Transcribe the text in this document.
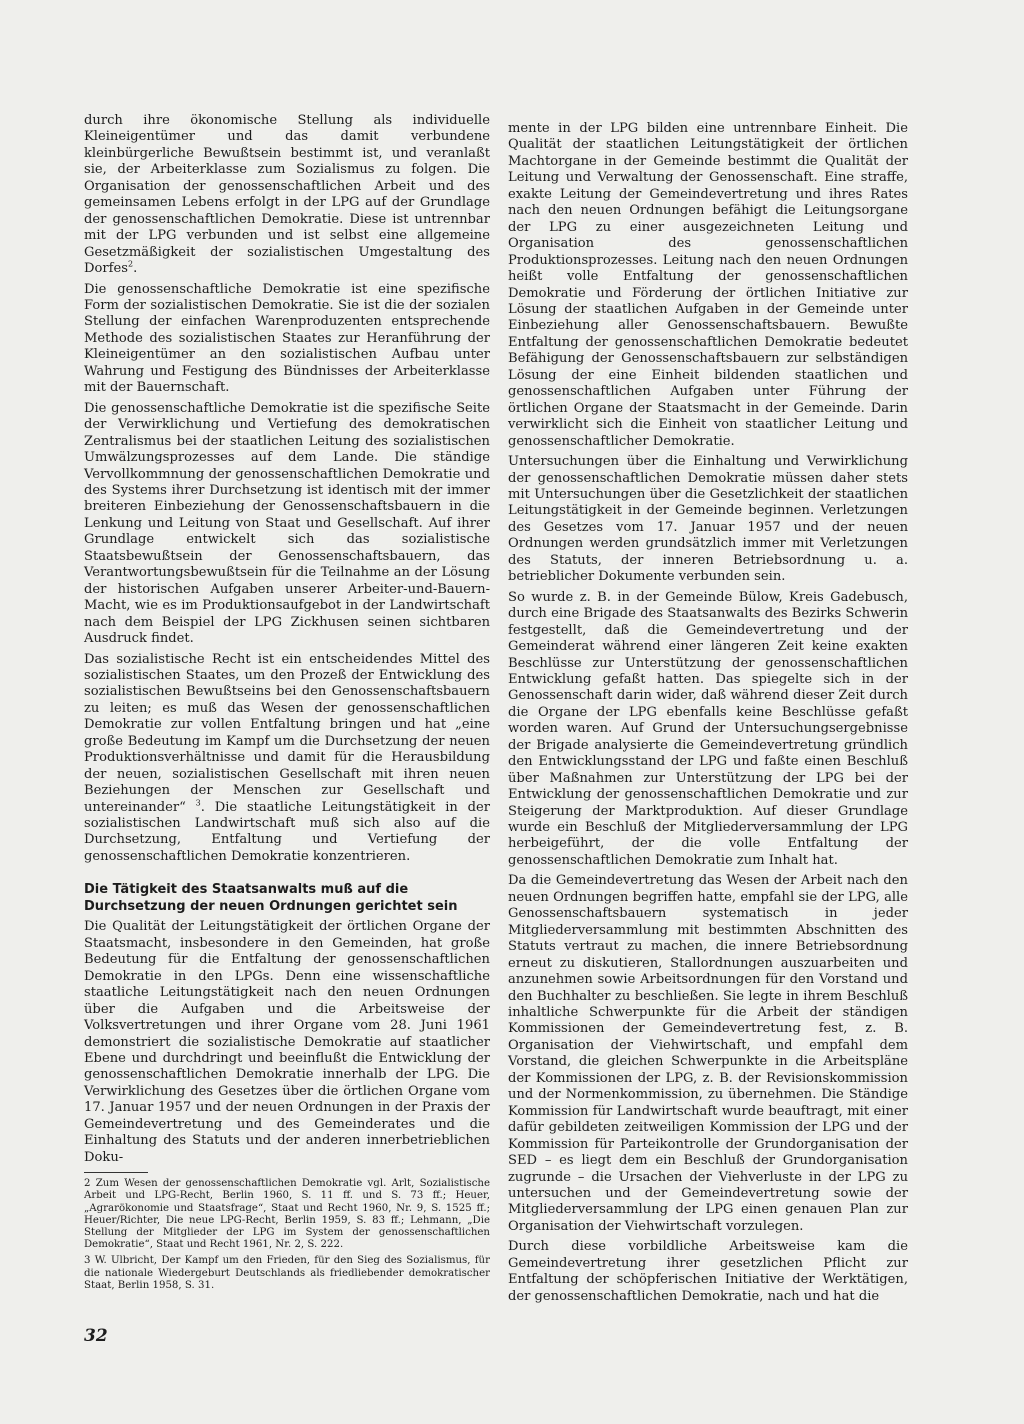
durch ihre ökonomische Stellung als individuelle Kleineigentümer und das damit verbundene kleinbürgerliche Bewußtsein bestimmt ist, und veranlaßt sie, der Arbeiterklasse zum Sozialismus zu folgen. Die Organisation der genossenschaftlichen Arbeit und des gemeinsamen Lebens erfolgt in der LPG auf der Grundlage der genossenschaftlichen Demokratie. Diese ist untrennbar mit der LPG verbunden und ist selbst eine allgemeine Gesetzmäßigkeit der sozialistischen Umgestaltung des Dorfes$^2$.

Die genossenschaftliche Demokratie ist eine spezifische Form der sozialistischen Demokratie. Sie ist die der sozialen Stellung der einfachen Warenproduzenten entsprechende Methode des sozialistischen Staates zur Heranführung der Kleineigentümer an den sozialistischen Aufbau unter Wahrung und Festigung des Bündnisses der Arbeiterklasse mit der Bauernschaft.

Die genossenschaftliche Demokratie ist die spezifische Seite der Verwirklichung und Vertiefung des demokratischen Zentralismus bei der staatlichen Leitung des sozialistischen Umwälzungsprozesses auf dem Lande. Die ständige Vervollkommnung der genossenschaftlichen Demokratie und des Systems ihrer Durchsetzung ist identisch mit der immer breiteren Einbeziehung der Genossenschaftsbauern in die Lenkung und Leitung von Staat und Gesellschaft. Auf ihrer Grundlage entwickelt sich das sozialistische Staatsbewußtsein der Genossenschaftsbauern, das Verantwortungsbewußtsein für die Teilnahme an der Lösung der historischen Aufgaben unserer Arbeiter-und-Bauern-Macht, wie es im Produktionsaufgebot in der Landwirtschaft nach dem Beispiel der LPG Zickhusen seinen sichtbaren Ausdruck findet.

Das sozialistische Recht ist ein entscheidendes Mittel des sozialistischen Staates, um den Prozeß der Entwicklung des sozialistischen Bewußtseins bei den Genossenschaftsbauern zu leiten; es muß das Wesen der genossenschaftlichen Demokratie zur vollen Entfaltung bringen und hat „eine große Bedeutung im Kampf um die Durchsetzung der neuen Produktionsverhältnisse und damit für die Herausbildung der neuen, sozialistischen Gesellschaft mit ihren neuen Beziehungen der Menschen zur Gesellschaft und untereinander“ $^3$. Die staatliche Leitungstätigkeit in der sozialistischen Landwirtschaft muß sich also auf die Durchsetzung, Entfaltung und Vertiefung der genossenschaftlichen Demokratie konzentrieren.

Die Tätigkeit des Staatsanwalts muß auf die Durchsetzung der neuen Ordnungen gerichtet sein

Die Qualität der Leitungstätigkeit der örtlichen Organe der Staatsmacht, insbesondere in den Gemeinden, hat große Bedeutung für die Entfaltung der genossenschaftlichen Demokratie in den LPGs. Denn eine wissenschaftliche staatliche Leitungstätigkeit nach den neuen Ordnungen über die Aufgaben und die Arbeitsweise der Volksvertretungen und ihrer Organe vom 28. Juni 1961 demonstriert die sozialistische Demokratie auf staatlicher Ebene und durchdringt und beeinflußt die Entwicklung der genossenschaftlichen Demokratie innerhalb der LPG. Die Verwirklichung des Gesetzes über die örtlichen Organe vom 17. Januar 1957 und der neuen Ordnungen in der Praxis der Gemeindevertretung und des Gemeinderates und die Einhaltung des Statuts und der anderen innerbetrieblichen Doku-

2 Zum Wesen der genossenschaftlichen Demokratie vgl. Arlt, Sozialistische Arbeit und LPG-Recht, Berlin 1960, S. 11 ff. und S. 73 ff.; Heuer, „Agrarökonomie und Staatsfrage“, Staat und Recht 1960, Nr. 9, S. 1525 ff.; Heuer/Richter, Die neue LPG-Recht, Berlin 1959, S. 83 ff.; Lehmann, „Die Stellung der Mitglieder der LPG im System der genossenschaftlichen Demokratie“, Staat und Recht 1961, Nr. 2, S. 222.

3 W. Ulbricht, Der Kampf um den Frieden, für den Sieg des Sozialismus, für die nationale Wiedergeburt Deutschlands als friedliebender demokratischer Staat, Berlin 1958, S. 31.

mente in der LPG bilden eine untrennbare Einheit. Die Qualität der staatlichen Leitungstätigkeit der örtlichen Machtorgane in der Gemeinde bestimmt die Qualität der Leitung und Verwaltung der Genossenschaft. Eine straffe, exakte Leitung der Gemeindevertretung und ihres Rates nach den neuen Ordnungen befähigt die Leitungsorgane der LPG zu einer ausgezeichneten Leitung und Organisation des genossenschaftlichen Produktionsprozesses. Leitung nach den neuen Ordnungen heißt volle Entfaltung der genossenschaftlichen Demokratie und Förderung der örtlichen Initiative zur Lösung der staatlichen Aufgaben in der Gemeinde unter Einbeziehung aller Genossenschaftsbauern. Bewußte Entfaltung der genossenschaftlichen Demokratie bedeutet Befähigung der Genossenschaftsbauern zur selbständigen Lösung der eine Einheit bildenden staatlichen und genossenschaftlichen Aufgaben unter Führung der örtlichen Organe der Staatsmacht in der Gemeinde. Darin verwirklicht sich die Einheit von staatlicher Leitung und genossenschaftlicher Demokratie.

Untersuchungen über die Einhaltung und Verwirklichung der genossenschaftlichen Demokratie müssen daher stets mit Untersuchungen über die Gesetzlichkeit der staatlichen Leitungstätigkeit in der Gemeinde beginnen. Verletzungen des Gesetzes vom 17. Januar 1957 und der neuen Ordnungen werden grundsätzlich immer mit Verletzungen des Statuts, der inneren Betriebsordnung u. a. betrieblicher Dokumente verbunden sein.

So wurde z. B. in der Gemeinde Bülow, Kreis Gadebusch, durch eine Brigade des Staatsanwalts des Bezirks Schwerin festgestellt, daß die Gemeindevertretung und der Gemeinderat während einer längeren Zeit keine exakten Beschlüsse zur Unterstützung der genossenschaftlichen Entwicklung gefaßt hatten. Das spiegelte sich in der Genossenschaft darin wider, daß während dieser Zeit durch die Organe der LPG ebenfalls keine Beschlüsse gefaßt worden waren. Auf Grund der Untersuchungsergebnisse der Brigade analysierte die Gemeindevertretung gründlich den Entwicklungsstand der LPG und faßte einen Beschluß über Maßnahmen zur Unterstützung der LPG bei der Entwicklung der genossenschaftlichen Demokratie und zur Steigerung der Marktproduktion. Auf dieser Grundlage wurde ein Beschluß der Mitgliederversammlung der LPG herbeigeführt, der die volle Entfaltung der genossenschaftlichen Demokratie zum Inhalt hat.

Da die Gemeindevertretung das Wesen der Arbeit nach den neuen Ordnungen begriffen hatte, empfahl sie der LPG, alle Genossenschaftsbauern systematisch in jeder Mitgliederversammlung mit bestimmten Abschnitten des Statuts vertraut zu machen, die innere Betriebsordnung erneut zu diskutieren, Stallordnungen auszuarbeiten und anzunehmen sowie Arbeitsordnungen für den Vorstand und den Buchhalter zu beschließen. Sie legte in ihrem Beschluß inhaltliche Schwerpunkte für die Arbeit der ständigen Kommissionen der Gemeindevertretung fest, z. B. Organisation der Viehwirtschaft, und empfahl dem Vorstand, die gleichen Schwerpunkte in die Arbeitspläne der Kommissionen der LPG, z. B. der Revisionskommission und der Normenkommission, zu übernehmen. Die Ständige Kommission für Landwirtschaft wurde beauftragt, mit einer dafür gebildeten zeitweiligen Kommission der LPG und der Kommission für Parteikontrolle der Grundorganisation der SED – es liegt dem ein Beschluß der Grundorganisation zugrunde – die Ursachen der Viehverluste in der LPG zu untersuchen und der Gemeindevertretung sowie der Mitgliederversammlung der LPG einen genauen Plan zur Organisation der Viehwirtschaft vorzulegen.

Durch diese vorbildliche Arbeitsweise kam die Gemeindevertretung ihrer gesetzlichen Pflicht zur Entfaltung der schöpferischen Initiative der Werktätigen, der genossenschaftlichen Demokratie, nach und hat die

32
